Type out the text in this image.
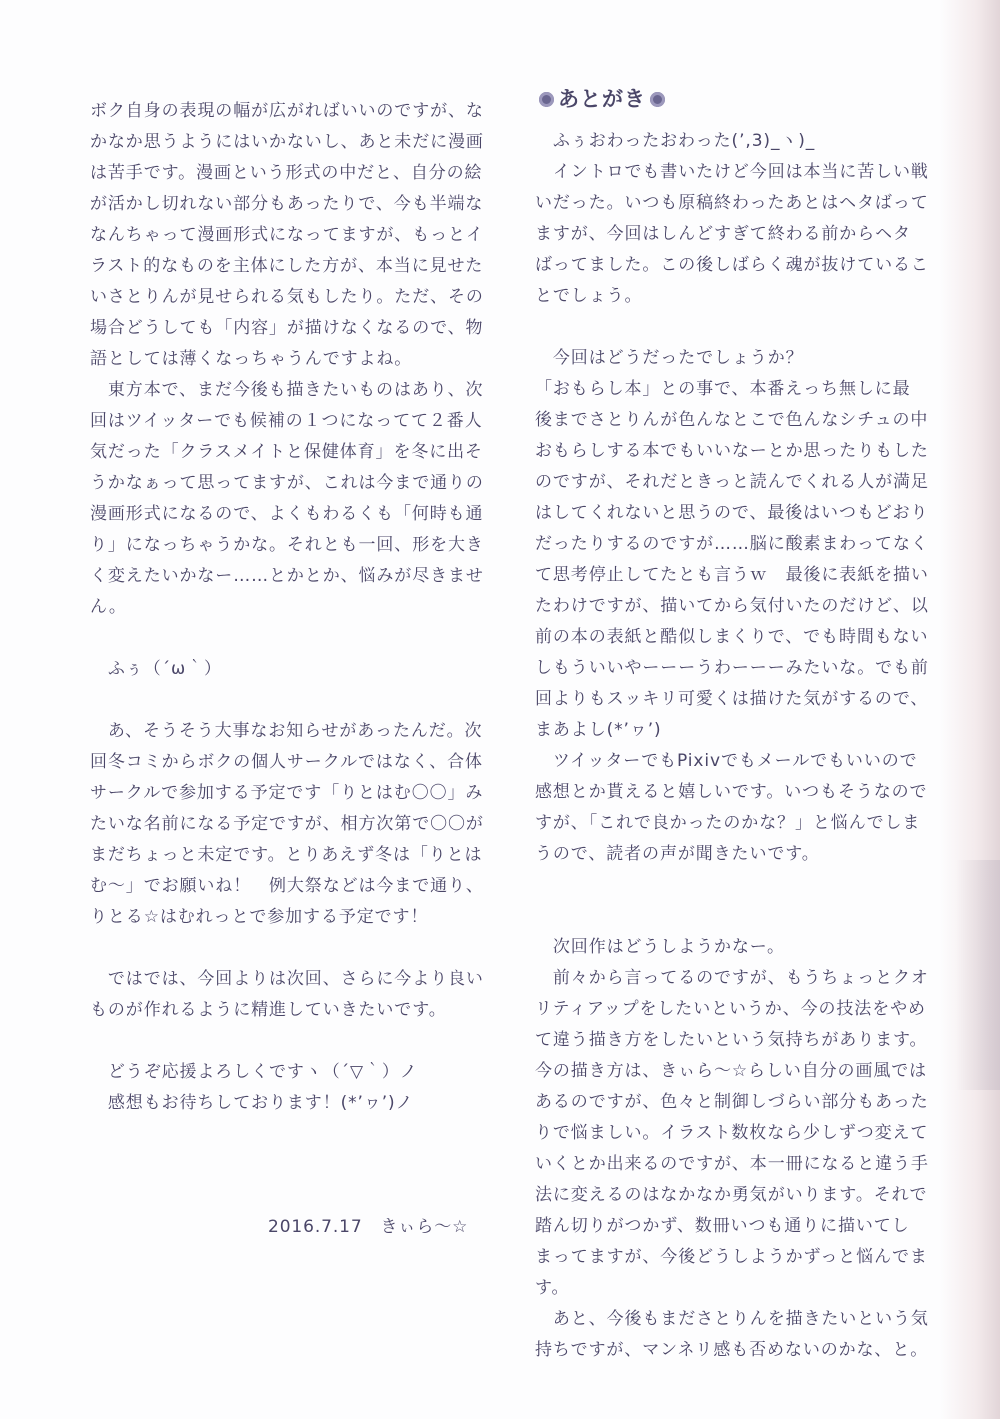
ボク自身の表現の幅が広がればいいのですが、な
かなか思うようにはいかないし、あと未だに漫画
は苦手です。漫画という形式の中だと、自分の絵
が活かし切れない部分もあったりで、今も半端な
なんちゃって漫画形式になってますが、もっとイ
ラスト的なものを主体にした方が、本当に見せた
いさとりんが見せられる気もしたり。ただ、その
場合どうしても「内容」が描けなくなるので、物
語としては薄くなっちゃうんですよね。
　東方本で、まだ今後も描きたいものはあり、次
回はツイッターでも候補の１つになってて２番人
気だった「クラスメイトと保健体育」を冬に出そ
うかなぁって思ってますが、これは今まで通りの
漫画形式になるので、よくもわるくも「何時も通
り」になっちゃうかな。それとも一回、形を大き
く変えたいかなー……とかとか、悩みが尽きませ
ん。
　ふぅ（´ω｀）
　あ、そうそう大事なお知らせがあったんだ。次
回冬コミからボクの個人サークルではなく、合体
サークルで参加する予定です「りとはむ〇〇」み
たいな名前になる予定ですが、相方次第で〇〇が
まだちょっと未定です。とりあえず冬は「りとは
む～」でお願いね！　例大祭などは今まで通り、
りとる☆はむれっとで参加する予定です！
　ではでは、今回よりは次回、さらに今より良い
ものが作れるように精進していきたいです。
　どうぞ応援よろしくですヽ（´▽｀）ノ
　感想もお待ちしております！(*’ヮ’)ノ
2016.7.17　きぃら～☆
あとがき
　ふぅおわったおわった(’,3)_ヽ)_
　イントロでも書いたけど今回は本当に苦しい戦
いだった。いつも原稿終わったあとはヘタばって
ますが、今回はしんどすぎて終わる前からヘタ
ばってました。この後しばらく魂が抜けているこ
とでしょう。
　今回はどうだったでしょうか？
「おもらし本」との事で、本番えっち無しに最
後までさとりんが色んなとこで色んなシチュの中
おもらしする本でもいいなーとか思ったりもした
のですが、それだときっと読んでくれる人が満足
はしてくれないと思うので、最後はいつもどおり
だったりするのですが……脳に酸素まわってなく
て思考停止してたとも言うｗ　最後に表紙を描い
たわけですが、描いてから気付いたのだけど、以
前の本の表紙と酷似しまくりで、でも時間もない
しもういいやーーーうわーーーみたいな。でも前
回よりもスッキリ可愛くは描けた気がするので、
まあよし(*’ヮ’)
　ツイッターでもPixivでもメールでもいいので
感想とか貰えると嬉しいです。いつもそうなので
すが、「これで良かったのかな？」と悩んでしま
うので、読者の声が聞きたいです。
　次回作はどうしようかなー。
　前々から言ってるのですが、もうちょっとクオ
リティアップをしたいというか、今の技法をやめ
て違う描き方をしたいという気持ちがあります。
今の描き方は、きぃら～☆らしい自分の画風では
あるのですが、色々と制御しづらい部分もあった
りで悩ましい。イラスト数枚なら少しずつ変えて
いくとか出来るのですが、本一冊になると違う手
法に変えるのはなかなか勇気がいります。それで
踏ん切りがつかず、数冊いつも通りに描いてし
まってますが、今後どうしようかずっと悩んでま
す。
　あと、今後もまださとりんを描きたいという気
持ちですが、マンネリ感も否めないのかな、と。
